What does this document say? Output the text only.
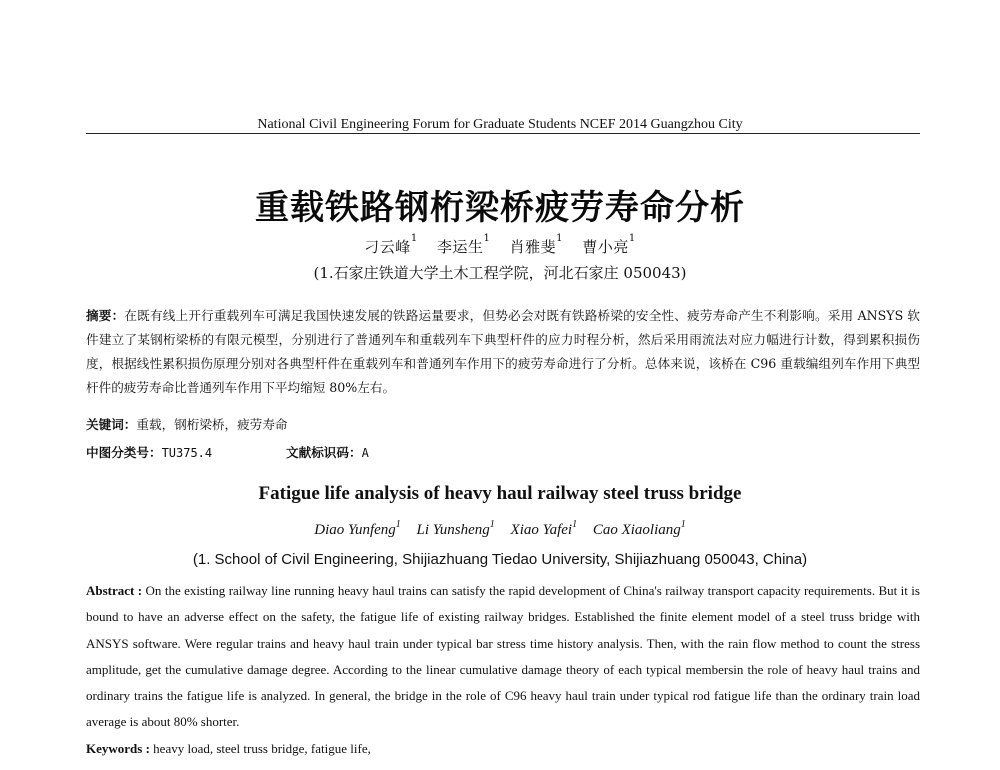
National Civil Engineering Forum for Graduate Students NCEF 2014 Guangzhou City
重载铁路钢桁梁桥疲劳寿命分析
刁云峰$^1$ 李运生$^1$ 肖雅斐$^1$ 曹小亮$^1$
(1.石家庄铁道大学土木工程学院，河北石家庄 050043)
摘要：在既有线上开行重载列车可满足我国快速发展的铁路运量要求，但势必会对既有铁路桥梁的安全性、疲劳寿命产生不利影响。采用 ANSYS 软件建立了某钢桁梁桥的有限元模型，分别进行了普通列车和重载列车下典型杆件的应力时程分析，然后采用雨流法对应力幅进行计数，得到累积损伤度，根据线性累积损伤原理分别对各典型杆件在重载列车和普通列车作用下的疲劳寿命进行了分析。总体来说，该桥在 C96 重载编组列车作用下典型杆件的疲劳寿命比普通列车作用下平均缩短 80%左右。
关键词：重载，钢桁梁桥，疲劳寿命
中图分类号：TU375.4	文献标识码：A
Fatigue life analysis of heavy haul railway steel truss bridge
Diao Yunfeng$^1$ Li Yunsheng$^1$ Xiao Yafei$^1$ Cao Xiaoliang$^1$
(1. School of Civil Engineering, Shijiazhuang Tiedao University, Shijiazhuang 050043, China)
Abstract : On the existing railway line running heavy haul trains can satisfy the rapid development of China's railway transport capacity requirements. But it is bound to have an adverse effect on the safety, the fatigue life of existing railway bridges. Established the finite element model of a steel truss bridge with ANSYS software. Were regular trains and heavy haul train under typical bar stress time history analysis. Then, with the rain flow method to count the stress amplitude, get the cumulative damage degree. According to the linear cumulative damage theory of each typical membersin the role of heavy haul trains and ordinary trains the fatigue life is analyzed. In general, the bridge in the role of C96 heavy haul train under typical rod fatigue life than the ordinary train load average is about 80% shorter.
Keywords : heavy load, steel truss bridge, fatigue life,
